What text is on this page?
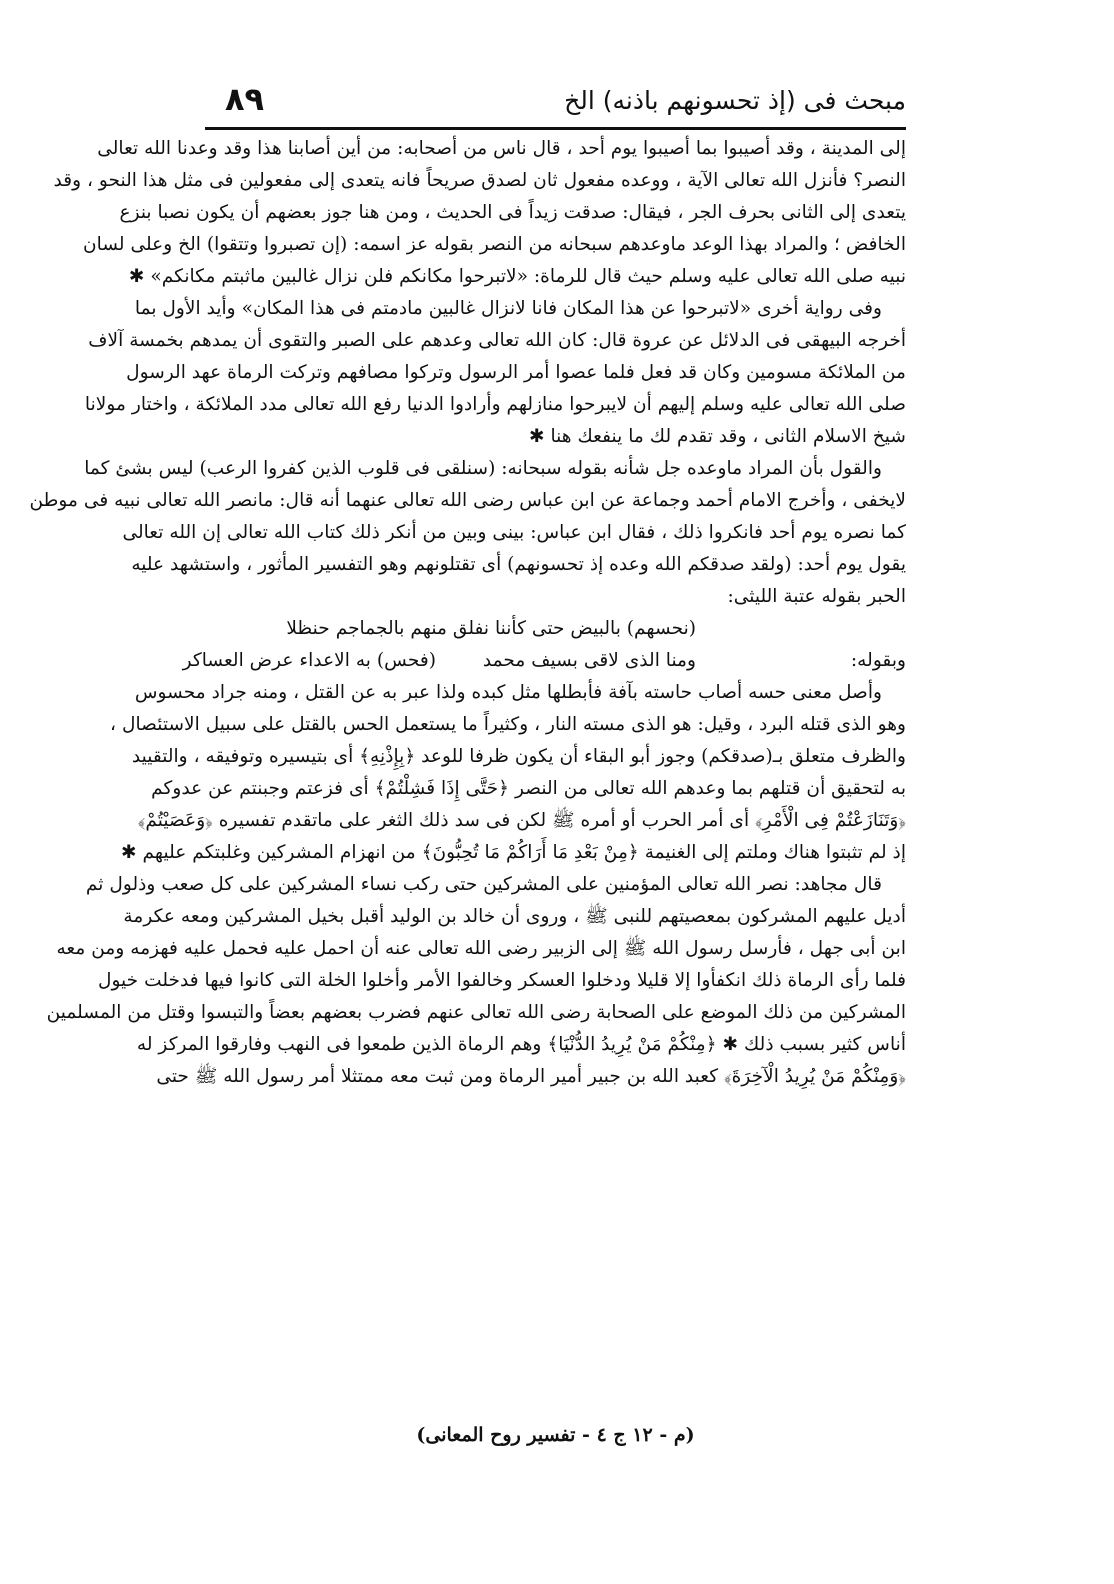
مبحث فى (إذ تحسونهم باذنه) الخ
٨٩
إلى المدينة ، وقد أصيبوا بما أصيبوا يوم أحد ، قال ناس من أصحابه: من أين أصابنا هذا وقد وعدنا الله تعالى
النصر؟ فأنزل الله تعالى الآية ، ووعده مفعول ثان لصدق صريحاً فانه يتعدى إلى مفعولين فى مثل هذا النحو ، وقد
يتعدى إلى الثانى بحرف الجر ، فيقال: صدقت زيداً فى الحديث ، ومن هنا جوز بعضهم أن يكون نصبا بنزع
الخافض ؛ والمراد بهذا الوعد ماوعدهم سبحانه من النصر بقوله عز اسمه: (إن تصبروا وتتقوا) الخ وعلى لسان
نبيه صلى الله تعالى عليه وسلم حيث قال للرماة: «لاتبرحوا مكانكم فلن نزال غالبين ماثبتم مكانكم» ✱
وفى رواية أخرى «لاتبرحوا عن هذا المكان فانا لانزال غالبين مادمتم فى هذا المكان» وأيد الأول بما
أخرجه البيهقى فى الدلائل عن عروة قال: كان الله تعالى وعدهم على الصبر والتقوى أن يمدهم بخمسة آلاف
من الملائكة مسومين وكان قد فعل فلما عصوا أمر الرسول وتركوا مصافهم وتركت الرماة عهد الرسول
صلى الله تعالى عليه وسلم إليهم أن لايبرحوا منازلهم وأرادوا الدنيا رفع الله تعالى مدد الملائكة ، واختار مولانا
شيخ الاسلام الثانى ، وقد تقدم لك ما ينفعك هنا ✱
والقول بأن المراد ماوعده جل شأنه بقوله سبحانه: (سنلقى فى قلوب الذين كفروا الرعب) ليس بشئ كما
لايخفى ، وأخرج الامام أحمد وجماعة عن ابن عباس رضى الله تعالى عنهما أنه قال: مانصر الله تعالى نبيه فى موطن
كما نصره يوم أحد فانكروا ذلك ، فقال ابن عباس: بينى وبين من أنكر ذلك كتاب الله تعالى إن الله تعالى
يقول يوم أحد: (ولقد صدقكم الله وعده إذ تحسونهم) أى تقتلونهم وهو التفسير المأثور ، واستشهد عليه
الحبر بقوله عتبة الليثى:
(نحسهم) بالبيض حتى كأننا نفلق منهم بالجماجم حنظلا
وبقوله:
ومنا الذى لاقى بسيف محمد
(فحس) به الاعداء عرض العساكر
وأصل معنى حسه أصاب حاسته بآفة فأبطلها مثل كبده ولذا عبر به عن القتل ، ومنه جراد محسوس
وهو الذى قتله البرد ، وقيل: هو الذى مسته النار ، وكثيراً ما يستعمل الحس بالقتل على سبيل الاستئصال ،
والظرف متعلق بـ(صدقكم) وجوز أبو البقاء أن يكون ظرفا للوعد ﴿بِإِذْنِهِ﴾ أى بتيسيره وتوفيقه ، والتقييد
به لتحقيق أن قتلهم بما وعدهم الله تعالى من النصر ﴿حَتَّى إِذَا فَشِلْتُمْ﴾ أى فزعتم وجبنتم عن عدوكم
﴿وَتَنَازَعْتُمْ فِى الْأَمْرِ﴾ أى أمر الحرب أو أمره ﷺ لكن فى سد ذلك الثغر على ماتقدم تفسيره ﴿وَعَصَيْتُمْ﴾
إذ لم تثبتوا هناك وملتم إلى الغنيمة ﴿مِنْ بَعْدِ مَا أَرَاكُمْ مَا تُحِبُّونَ﴾ من انهزام المشركين وغلبتكم عليهم ✱
قال مجاهد: نصر الله تعالى المؤمنين على المشركين حتى ركب نساء المشركين على كل صعب وذلول ثم
أديل عليهم المشركون بمعصيتهم للنبى ﷺ ، وروى أن خالد بن الوليد أقبل بخيل المشركين ومعه عكرمة
ابن أبى جهل ، فأرسل رسول الله ﷺ إلى الزبير رضى الله تعالى عنه أن احمل عليه فحمل عليه فهزمه ومن معه
فلما رأى الرماة ذلك انكفأوا إلا قليلا ودخلوا العسكر وخالفوا الأمر وأخلوا الخلة التى كانوا فيها فدخلت خيول
المشركين من ذلك الموضع على الصحابة رضى الله تعالى عنهم فضرب بعضهم بعضاً والتبسوا وقتل من المسلمين
أناس كثير بسبب ذلك ✱ ﴿مِنْكُمْ مَنْ يُرِيدُ الدُّنْيَا﴾ وهم الرماة الذين طمعوا فى النهب وفارقوا المركز له
﴿وَمِنْكُمْ مَنْ يُرِيدُ الْآخِرَةَ﴾ كعبد الله بن جبير أمير الرماة ومن ثبت معه ممتثلا أمر رسول الله ﷺ حتى
(م - ١٢ ج ٤ - تفسير روح المعانى)
